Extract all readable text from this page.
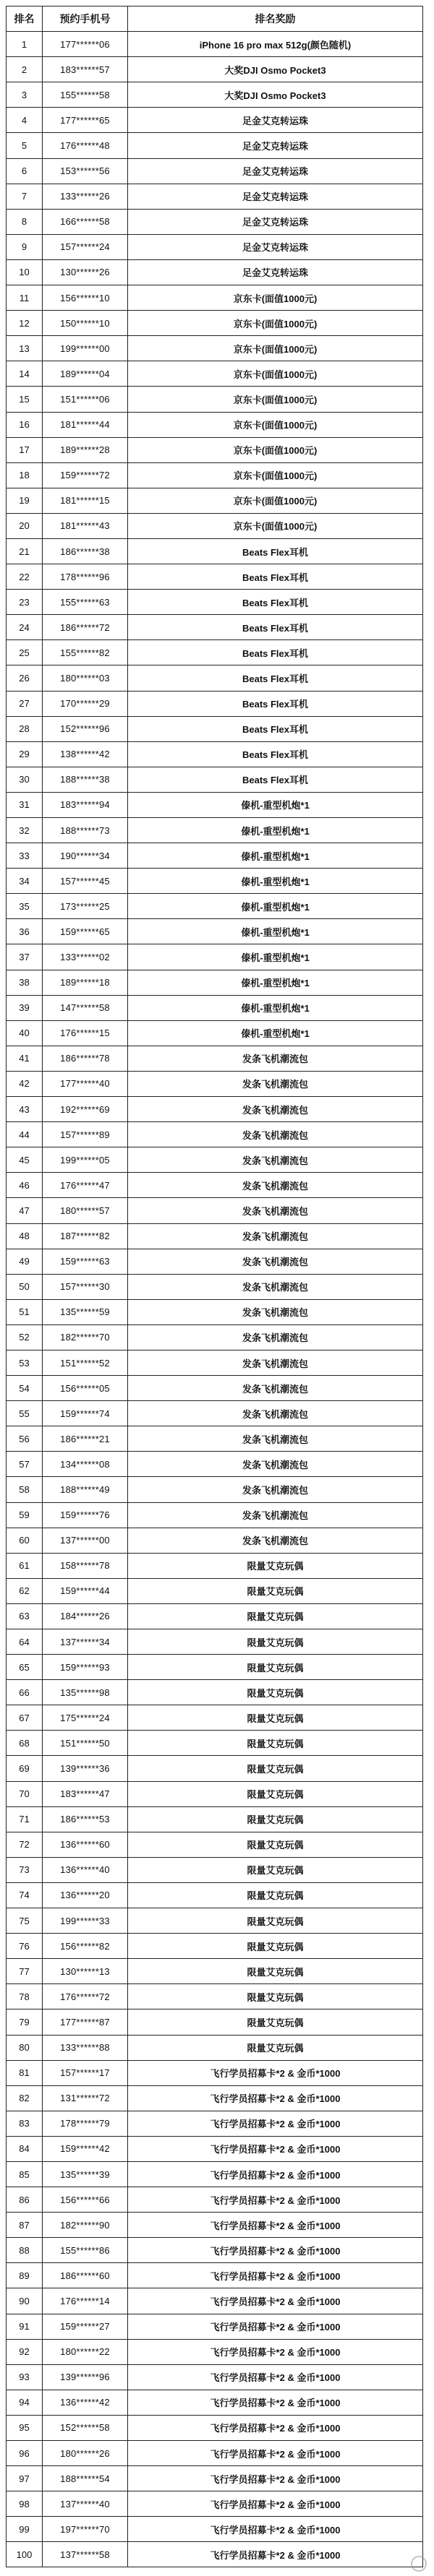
排名	预约手机号	排名奖励
1	177******06	iPhone 16 pro max 512g(颜色随机)
2	183******57	大奖DJI Osmo Pocket3
3	155******58	大奖DJI Osmo Pocket3
4	177******65	足金艾克转运珠
5	176******48	足金艾克转运珠
6	153******56	足金艾克转运珠
7	133******26	足金艾克转运珠
8	166******58	足金艾克转运珠
9	157******24	足金艾克转运珠
10	130******26	足金艾克转运珠
11	156******10	京东卡(面值1000元)
12	150******10	京东卡(面值1000元)
13	199******00	京东卡(面值1000元)
14	189******04	京东卡(面值1000元)
15	151******06	京东卡(面值1000元)
16	181******44	京东卡(面值1000元)
17	189******28	京东卡(面值1000元)
18	159******72	京东卡(面值1000元)
19	181******15	京东卡(面值1000元)
20	181******43	京东卡(面值1000元)
21	186******38	Beats Flex耳机
22	178******96	Beats Flex耳机
23	155******63	Beats Flex耳机
24	186******72	Beats Flex耳机
25	155******82	Beats Flex耳机
26	180******03	Beats Flex耳机
27	170******29	Beats Flex耳机
28	152******96	Beats Flex耳机
29	138******42	Beats Flex耳机
30	188******38	Beats Flex耳机
31	183******94	傣机-重型机炮*1
32	188******73	傣机-重型机炮*1
33	190******34	傣机-重型机炮*1
34	157******45	傣机-重型机炮*1
35	173******25	傣机-重型机炮*1
36	159******65	傣机-重型机炮*1
37	133******02	傣机-重型机炮*1
38	189******18	傣机-重型机炮*1
39	147******58	傣机-重型机炮*1
40	176******15	傣机-重型机炮*1
41	186******78	发条飞机潮流包
42	177******40	发条飞机潮流包
43	192******69	发条飞机潮流包
44	157******89	发条飞机潮流包
45	199******05	发条飞机潮流包
46	176******47	发条飞机潮流包
47	180******57	发条飞机潮流包
48	187******82	发条飞机潮流包
49	159******63	发条飞机潮流包
50	157******30	发条飞机潮流包
51	135******59	发条飞机潮流包
52	182******70	发条飞机潮流包
53	151******52	发条飞机潮流包
54	156******05	发条飞机潮流包
55	159******74	发条飞机潮流包
56	186******21	发条飞机潮流包
57	134******08	发条飞机潮流包
58	188******49	发条飞机潮流包
59	159******76	发条飞机潮流包
60	137******00	发条飞机潮流包
61	158******78	限量艾克玩偶
62	159******44	限量艾克玩偶
63	184******26	限量艾克玩偶
64	137******34	限量艾克玩偶
65	159******93	限量艾克玩偶
66	135******98	限量艾克玩偶
67	175******24	限量艾克玩偶
68	151******50	限量艾克玩偶
69	139******36	限量艾克玩偶
70	183******47	限量艾克玩偶
71	186******53	限量艾克玩偶
72	136******60	限量艾克玩偶
73	136******40	限量艾克玩偶
74	136******20	限量艾克玩偶
75	199******33	限量艾克玩偶
76	156******82	限量艾克玩偶
77	130******13	限量艾克玩偶
78	176******72	限量艾克玩偶
79	177******87	限量艾克玩偶
80	133******88	限量艾克玩偶
81	157******17	飞行学员招募卡*2 & 金币*1000
82	131******72	飞行学员招募卡*2 & 金币*1000
83	178******79	飞行学员招募卡*2 & 金币*1000
84	159******42	飞行学员招募卡*2 & 金币*1000
85	135******39	飞行学员招募卡*2 & 金币*1000
86	156******66	飞行学员招募卡*2 & 金币*1000
87	182******90	飞行学员招募卡*2 & 金币*1000
88	155******86	飞行学员招募卡*2 & 金币*1000
89	186******60	飞行学员招募卡*2 & 金币*1000
90	176******14	飞行学员招募卡*2 & 金币*1000
91	159******27	飞行学员招募卡*2 & 金币*1000
92	180******22	飞行学员招募卡*2 & 金币*1000
93	139******96	飞行学员招募卡*2 & 金币*1000
94	136******42	飞行学员招募卡*2 & 金币*1000
95	152******58	飞行学员招募卡*2 & 金币*1000
96	180******26	飞行学员招募卡*2 & 金币*1000
97	188******54	飞行学员招募卡*2 & 金币*1000
98	137******40	飞行学员招募卡*2 & 金币*1000
99	197******70	飞行学员招募卡*2 & 金币*1000
100	137******58	飞行学员招募卡*2 & 金币*1000
